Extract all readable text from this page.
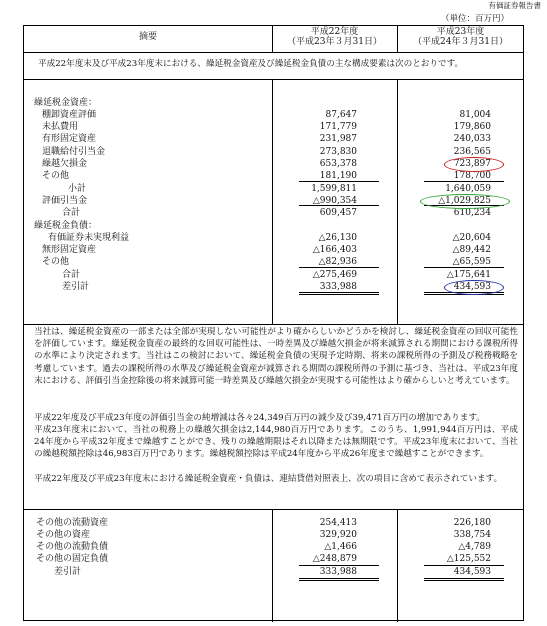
有価証券報告書
（単位：百万円）
摘要	平成22年度
（平成23年３月31日）
平成23年度
（平成24年３月31日）
平成22年度末及び平成23年度末における、繰延税金資産及び繰延税金負債の主な構成要素は次のとおりです。
当社は、繰延税金資産の一部または全部が実現しない可能性がより確からしいかどうかを検討し、繰延税金資産の回収可能性を評価しています。繰延税金資産の最終的な回収可能性は、一時差異及び繰越欠損金が将来減算される期間における課税所得の水準により決定されます。当社はこの検討において、繰延税金負債の実現予定時期、将来の課税所得の予測及び税務戦略を考慮しています。過去の課税所得の水準及び繰延税金資産が減算される期間の課税所得の予測に基づき、当社は、平成23年度末における、評価引当金控除後の将来減算可能一時差異及び繰越欠損金が実現する可能性はより確からしいと考えています。
平成22年度及び平成23年度の評価引当金の純増減は各々24,349百万円の減少及び39,471百万円の増加であります。
平成23年度末において、当社の税務上の繰越欠損金は2,144,980百万円であります。このうち、1,991,944百万円は、平成24年度から平成32年度まで繰越すことができ、残りの繰越期限はそれ以降または無期限です。平成23年度末において、当社の繰越税額控除は46,983百万円であります。繰越税額控除は平成24年度から平成26年度まで繰越すことができます。
平成22年度及び平成23年度末における繰延税金資産・負債は、連結貸借対照表上、次の項目に含めて表示されています。
繰延税金資産：
棚卸資産評価	87,647	81,004
未払費用	171,779	179,860
有形固定資産	231,987	240,033
退職給付引当金	273,830	236,565
繰越欠損金	653,378	723,897
その他	181,190	178,700
小計	1,599,811	1,640,059
評価引当金	△990,354	△1,029,825
合計	609,457	610,234
繰延税金負債：
有価証券未実現利益	△26,130	△20,604
無形固定資産	△166,403	△89,442
その他	△82,936	△65,595
合計	△275,469	△175,641
差引計	333,988	434,593
その他の流動資産	254,413	226,180
その他の資産	329,920	338,754
その他の流動負債	△1,466	△4,789
その他の固定負債	△248,879	△125,552
差引計	333,988	434,593
